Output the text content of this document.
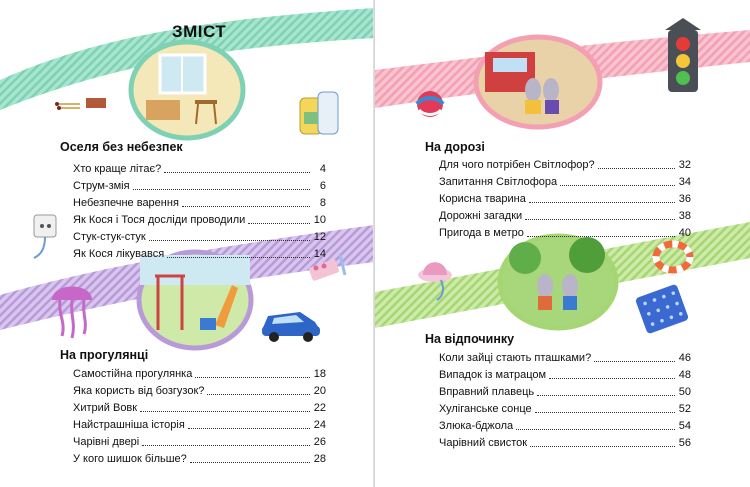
ЗМІСТ
Оселя без небезпек
Хто краще літає?	4
Струм-змія	6
Небезпечне варення	8
Як Кося і Тося досліди проводили	10
Стук-стук-стук	12
Як Кося лікувався	14
На прогулянці
Самостійна прогулянка	18
Яка користь від бозгузок?	20
Хитрий Вовк	22
Найстрашніша історія	24
Чарівні двері	26
У кого шишок більше?	28
На дорозі
Для чого потрібен Світлофор?	32
Запитання Світлофора	34
Корисна тварина	36
Дорожні загадки	38
Пригода в метро	40
На відпочинку
Коли зайці стають пташками?	46
Випадок із матрацом	48
Вправний плавець	50
Хуліганське сонце	52
Злюка-бджола	54
Чарівний свисток	56
